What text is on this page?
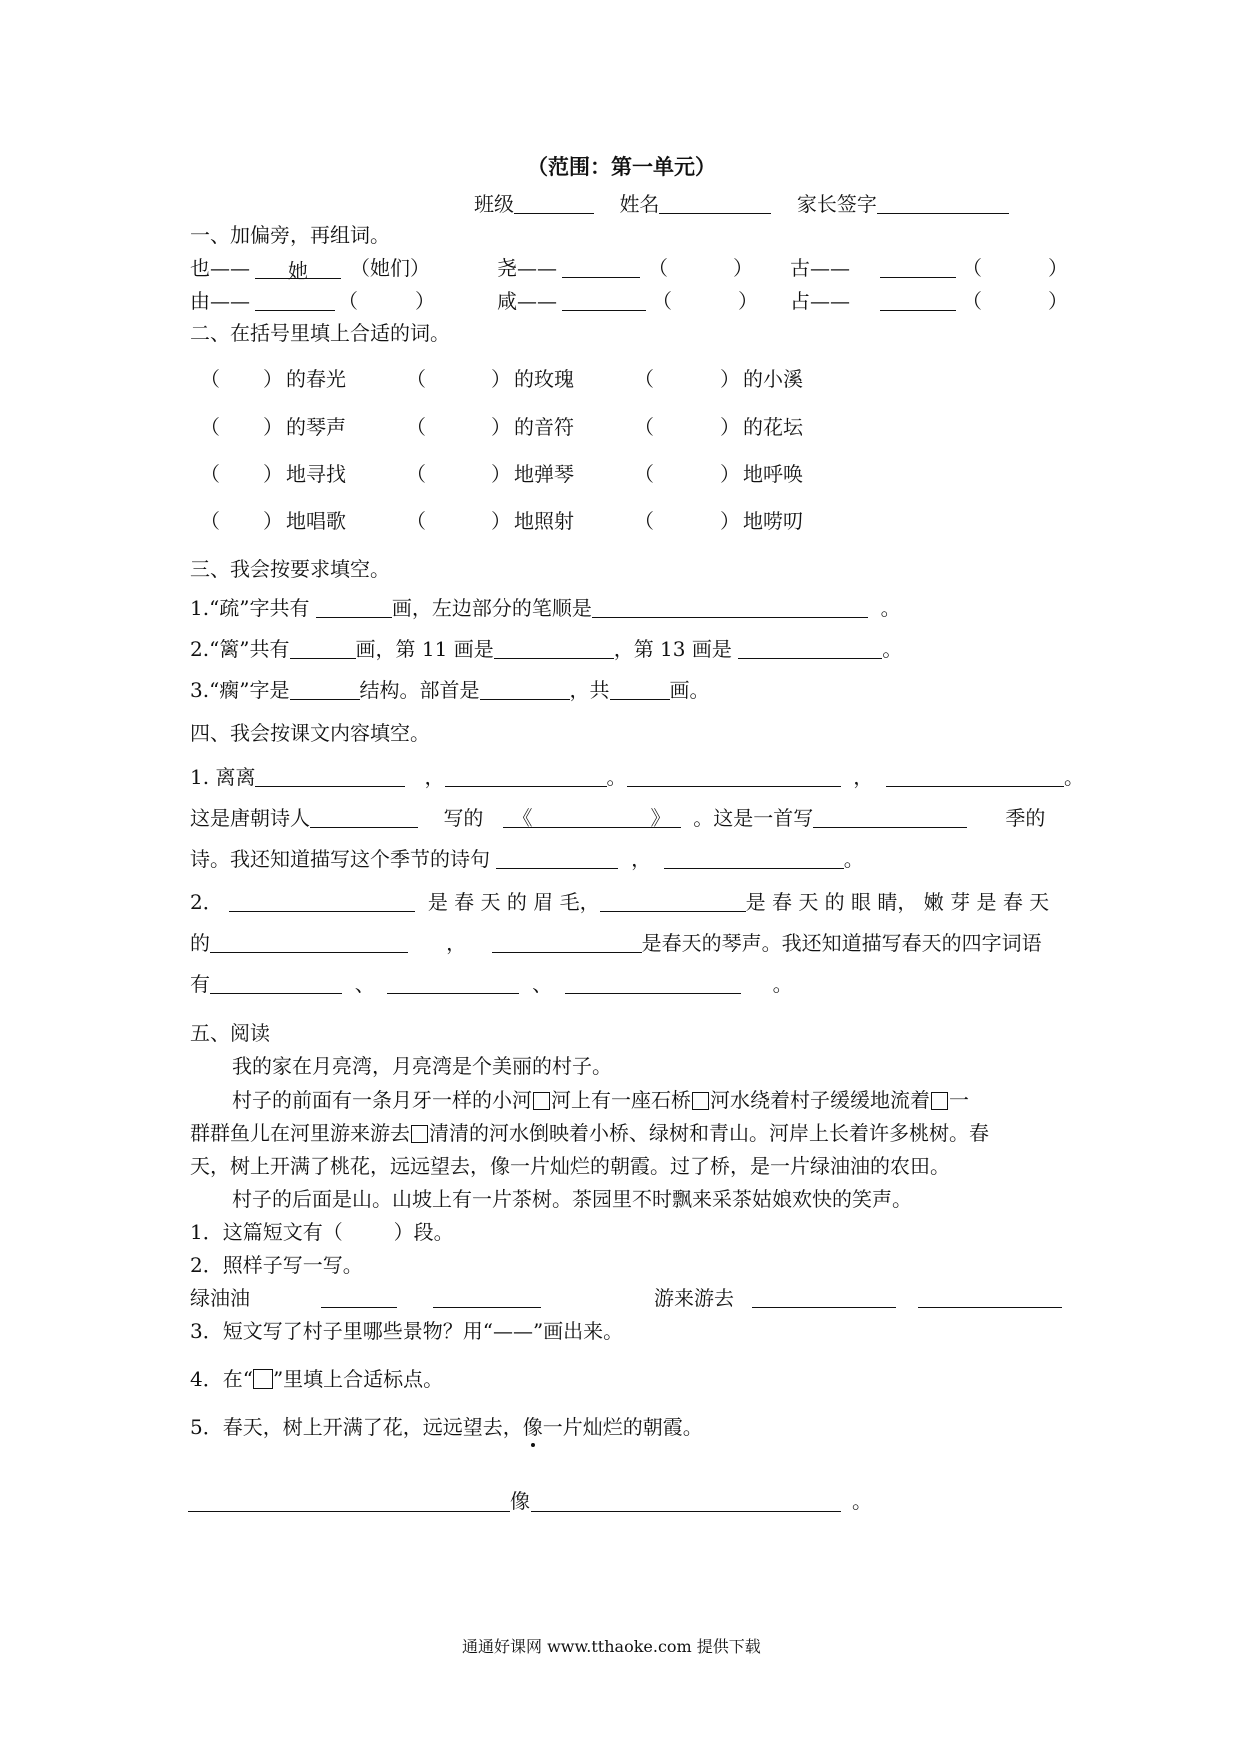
（范围：第一单元）
班级	姓名	家长签字
一、加偏旁，再组词。
也——	她	（她们）	尧——	（	） 古——	（	）
由——	（	）	咸——	（	） 占——	（	）
二、在括号里填上合适的词。
（ ） 的春光	（	） 的玫瑰	（	） 的小溪
（ ） 的琴声	（	） 的音符	（	） 的花坛
（ ） 地寻找	（	） 地弹琴	（	） 地呼唤
（ ） 地唱歌	（	） 地照射	（	） 地唠叨
三、我会按要求填空。
1.“疏”字共有	画，左边部分的笔顺是	。
2.“篱”共有	画，第 11 画是	，第 13 画是	。
3.“瘸”字是	结构。部首是	，共	画。
四、我会按课文内容填空。
1. 离离	，	。	，	。
这是唐朝诗人	写的 《	》 。这是一首写	季的
诗。我还知道描写这个季节的诗句	，	。
2．	是 春 天 的 眉 毛，	是 春 天 的 眼 睛， 嫩 芽 是 春 天
的	，	是春天的琴声。我还知道描写春天的四字词语
有	、	、	。
五、阅读
我的家在月亮湾，月亮湾是个美丽的村子。
村子的前面有一条月牙一样的小河 河上有一座石桥 河水绕着村子缓缓地流着 一
群群鱼儿在河里游来游去 清清的河水倒映着小桥、绿树和青山。河岸上长着许多桃树。春
天，树上开满了桃花，远远望去，像一片灿烂的朝霞。过了桥，是一片绿油油的农田。
村子的后面是山。山坡上有一片茶树。茶园里不时飘来采茶姑娘欢快的笑声。
1．这篇短文有（	）段。
2．照样子写一写。
绿油油	游来游去
3．短文写了村子里哪些景物？用“——”画出来。
4．在“ ”里填上合适标点。
5．春天，树上开满了花，远远望去，像一片灿烂的朝霞。
像	。
通通好课网 www.tthaoke.com 提供下载
